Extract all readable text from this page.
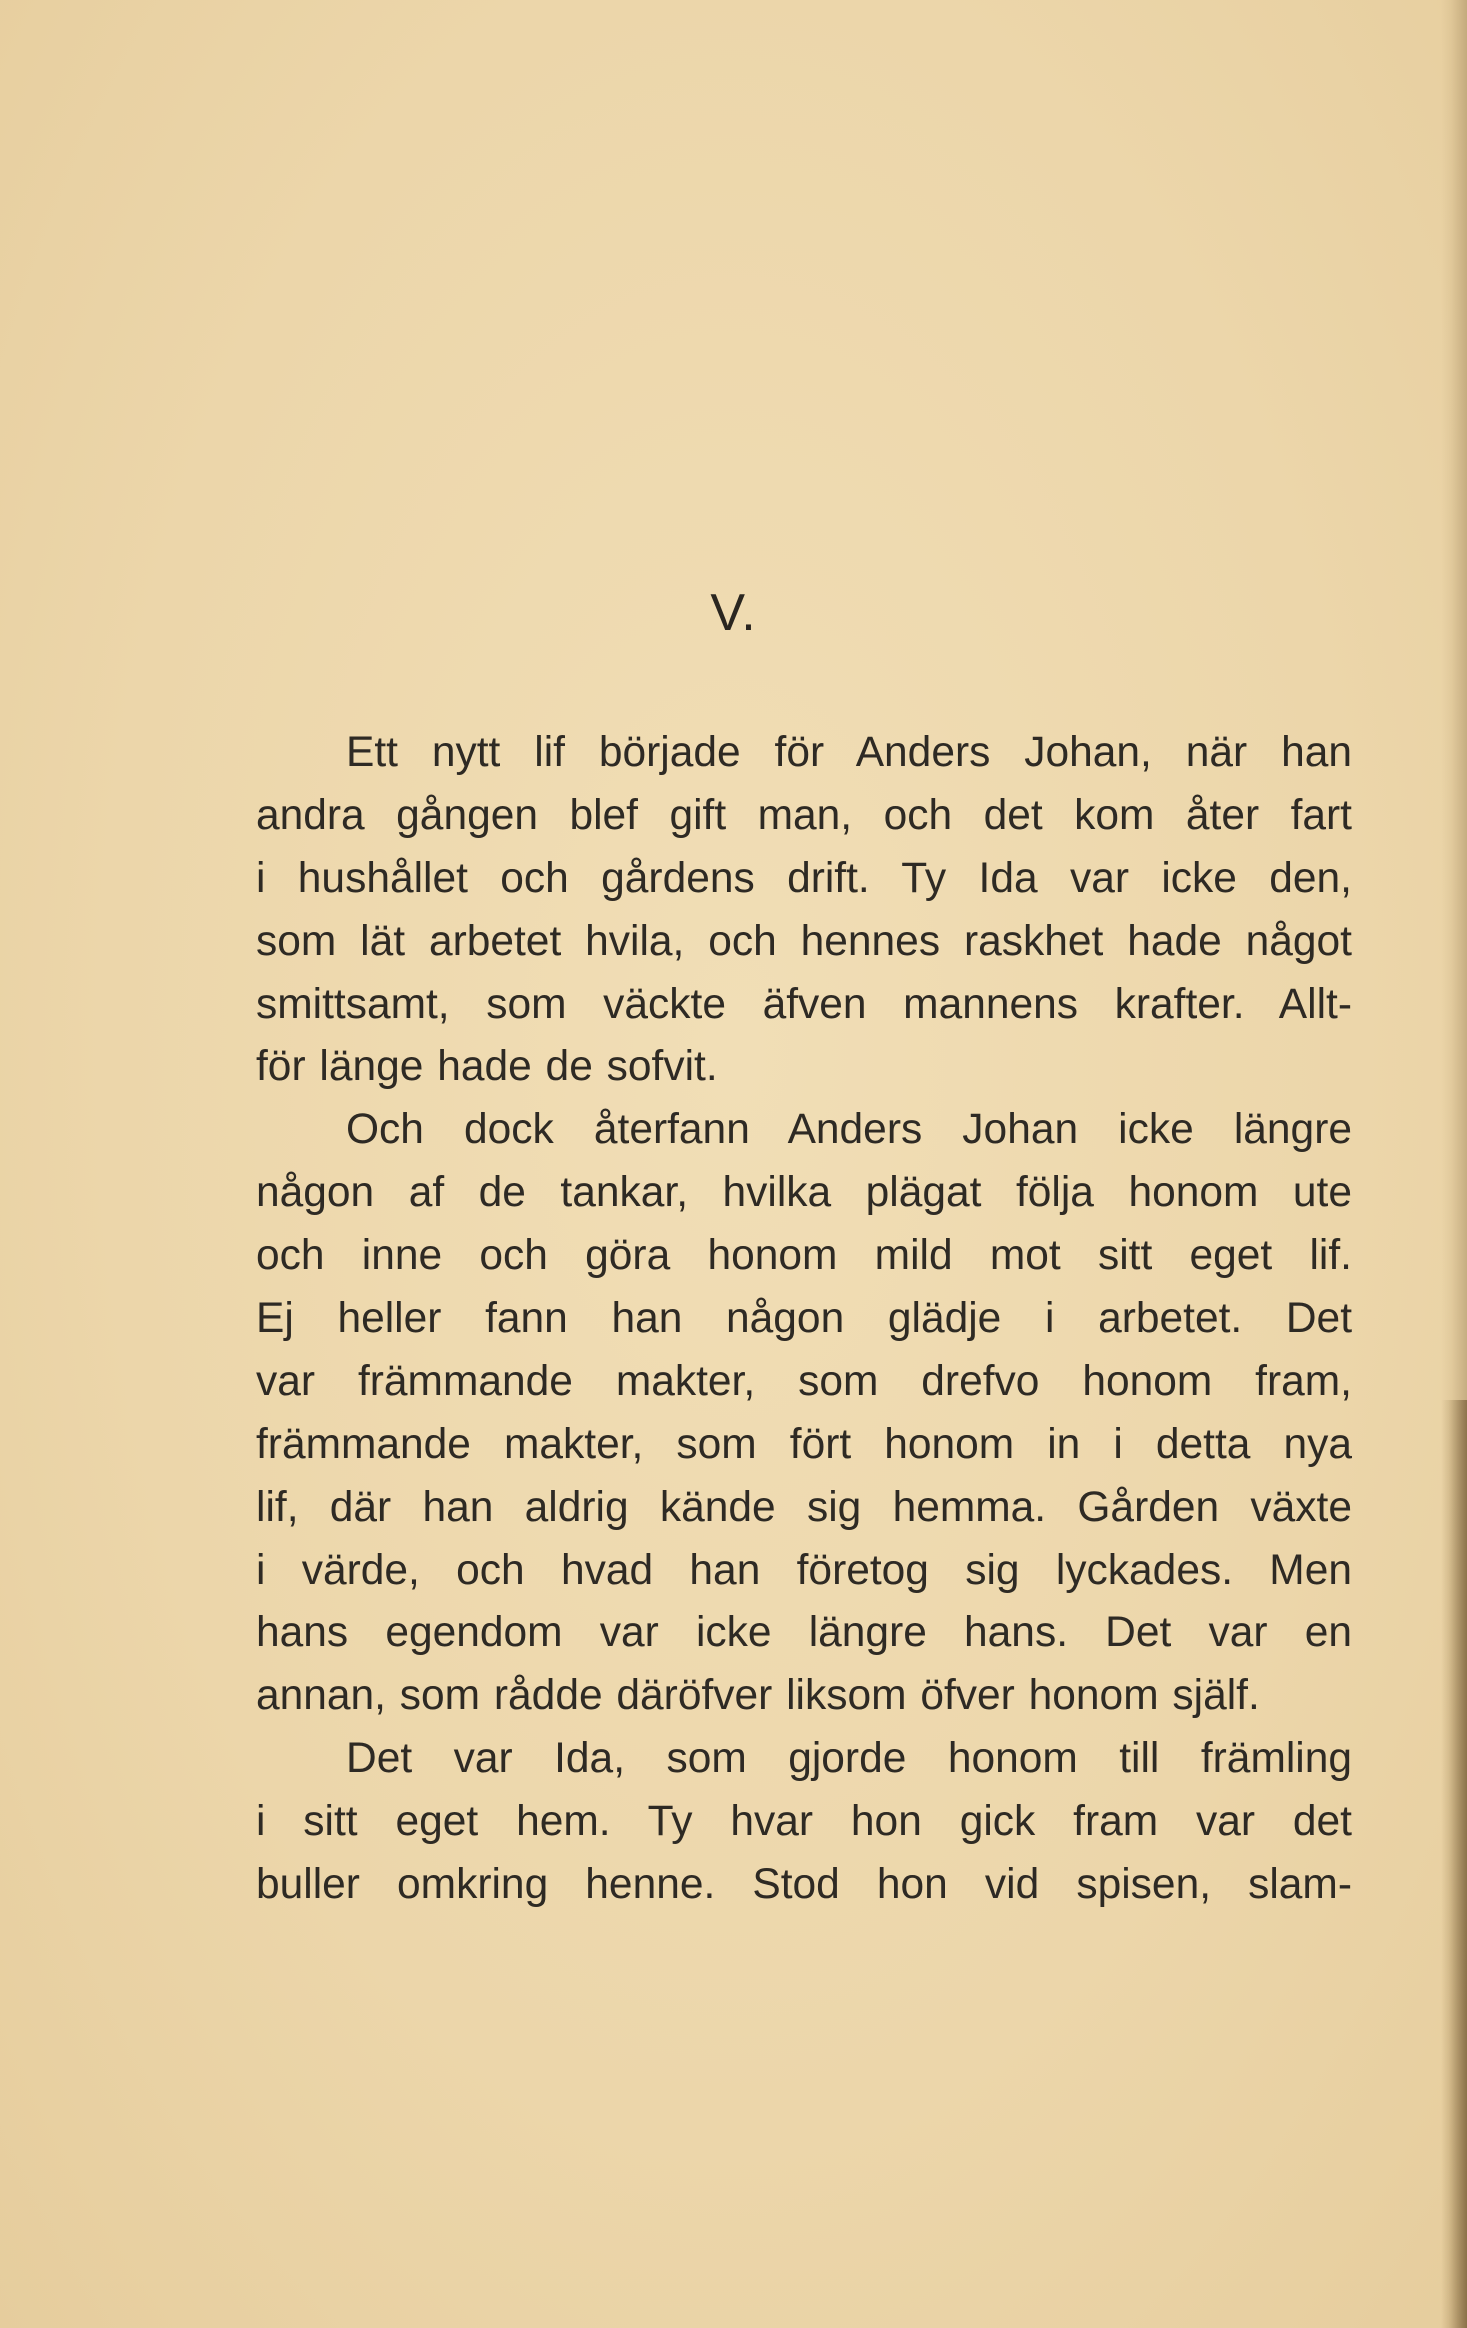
V.
Ett nytt lif började för Anders Johan, när han
andra gången blef gift man, och det kom åter fart
i hushållet och gårdens drift. Ty Ida var icke den,
som lät arbetet hvila, och hennes raskhet hade något
smittsamt, som väckte äfven mannens krafter. Allt-
för länge hade de sofvit.
Och dock återfann Anders Johan icke längre
någon af de tankar, hvilka plägat följa honom ute
och inne och göra honom mild mot sitt eget lif.
Ej heller fann han någon glädje i arbetet. Det
var främmande makter, som drefvo honom fram,
främmande makter, som fört honom in i detta nya
lif, där han aldrig kände sig hemma. Gården växte
i värde, och hvad han företog sig lyckades. Men
hans egendom var icke längre hans. Det var en
annan, som rådde däröfver liksom öfver honom själf.
Det var Ida, som gjorde honom till främling
i sitt eget hem. Ty hvar hon gick fram var det
buller omkring henne. Stod hon vid spisen, slam-
